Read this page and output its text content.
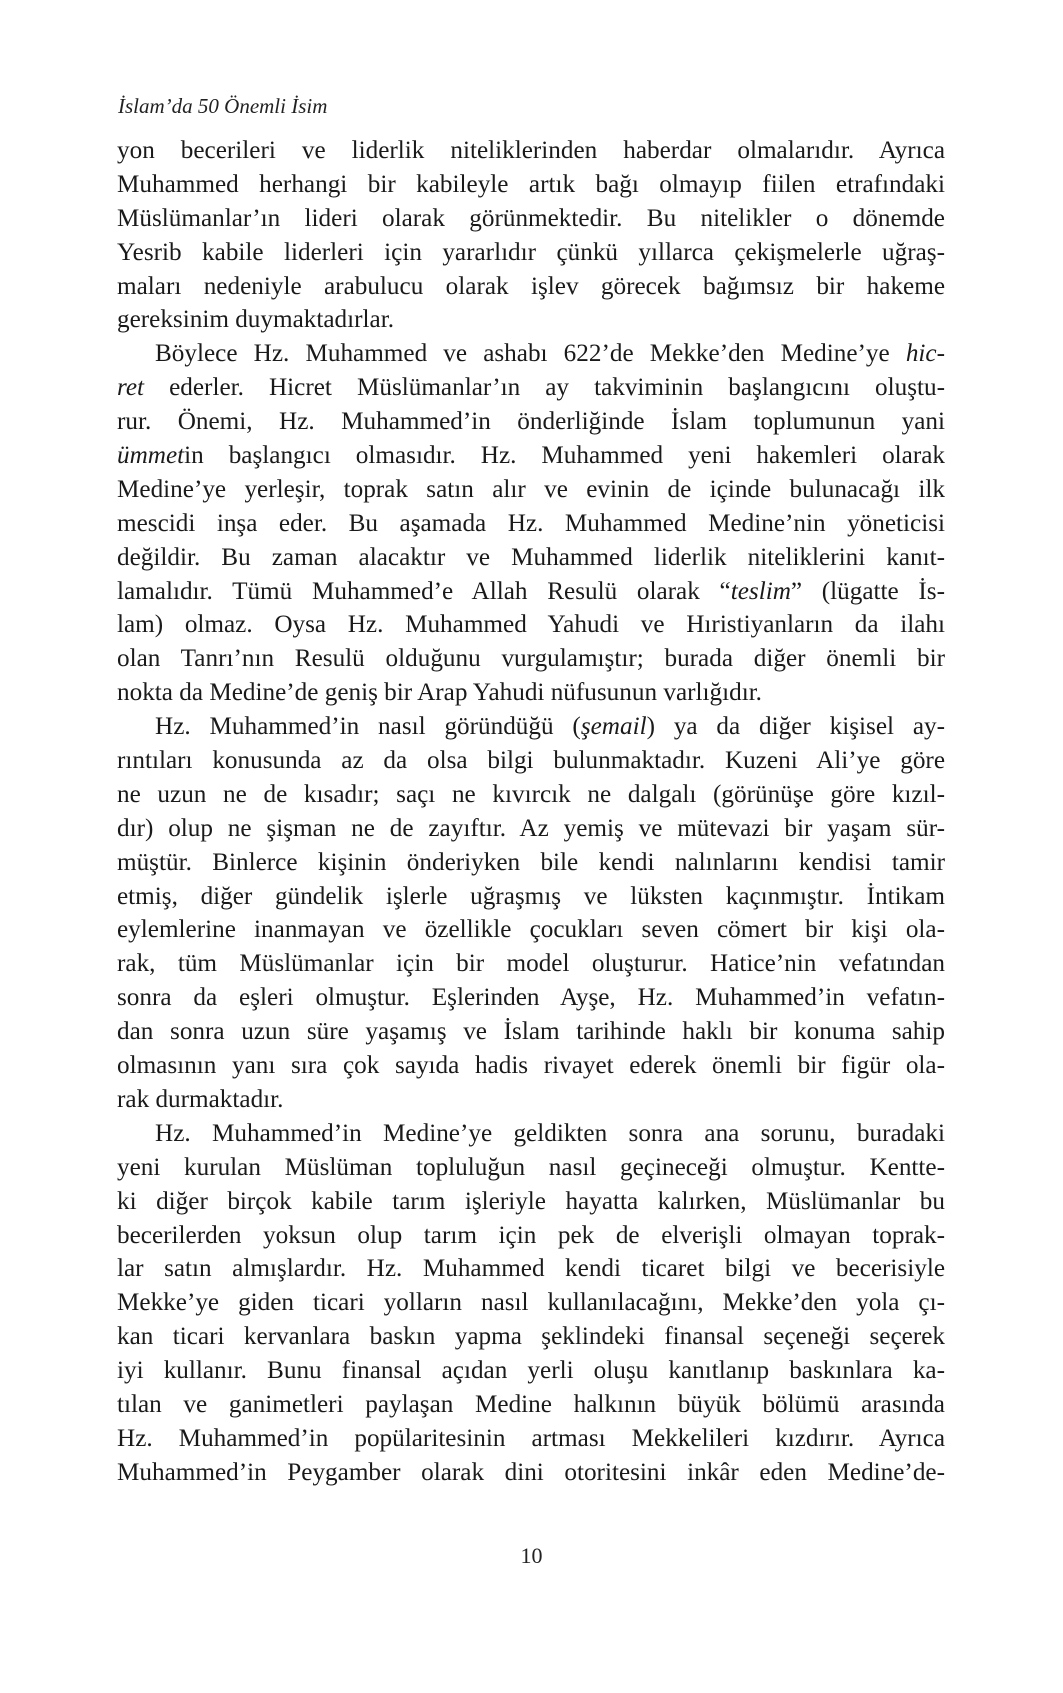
İslam’da 50 Önemli İsim
yon becerileri ve liderlik niteliklerinden haberdar olmalarıdır. Ayrıca
Muhammed herhangi bir kabileyle artık bağı olmayıp fiilen etrafındaki
Müslümanlar’ın lideri olarak görünmektedir. Bu nitelikler o dönemde
Yesrib kabile liderleri için yararlıdır çünkü yıllarca çekişmelerle uğraş-
maları nedeniyle arabulucu olarak işlev görecek bağımsız bir hakeme
gereksinim duymaktadırlar.
Böylece Hz. Muhammed ve ashabı 622’de Mekke’den Medine’ye hic-
ret ederler. Hicret Müslümanlar’ın ay takviminin başlangıcını oluştu-
rur. Önemi, Hz. Muhammed’in önderliğinde İslam toplumunun yani
ümmetin başlangıcı olmasıdır. Hz. Muhammed yeni hakemleri olarak
Medine’ye yerleşir, toprak satın alır ve evinin de içinde bulunacağı ilk
mescidi inşa eder. Bu aşamada Hz. Muhammed Medine’nin yöneticisi
değildir. Bu zaman alacaktır ve Muhammed liderlik niteliklerini kanıt-
lamalıdır. Tümü Muhammed’e Allah Resulü olarak “teslim” (lügatte İs-
lam) olmaz. Oysa Hz. Muhammed Yahudi ve Hıristiyanların da ilahı
olan Tanrı’nın Resulü olduğunu vurgulamıştır; burada diğer önemli bir
nokta da Medine’de geniş bir Arap Yahudi nüfusunun varlığıdır.
Hz. Muhammed’in nasıl göründüğü (şemail) ya da diğer kişisel ay-
rıntıları konusunda az da olsa bilgi bulunmaktadır. Kuzeni Ali’ye göre
ne uzun ne de kısadır; saçı ne kıvırcık ne dalgalı (görünüşe göre kızıl-
dır) olup ne şişman ne de zayıftır. Az yemiş ve mütevazi bir yaşam sür-
müştür. Binlerce kişinin önderiyken bile kendi nalınlarını kendisi tamir
etmiş, diğer gündelik işlerle uğraşmış ve lüksten kaçınmıştır. İntikam
eylemlerine inanmayan ve özellikle çocukları seven cömert bir kişi ola-
rak, tüm Müslümanlar için bir model oluşturur. Hatice’nin vefatından
sonra da eşleri olmuştur. Eşlerinden Ayşe, Hz. Muhammed’in vefatın-
dan sonra uzun süre yaşamış ve İslam tarihinde haklı bir konuma sahip
olmasının yanı sıra çok sayıda hadis rivayet ederek önemli bir figür ola-
rak durmaktadır.
Hz. Muhammed’in Medine’ye geldikten sonra ana sorunu, buradaki
yeni kurulan Müslüman topluluğun nasıl geçineceği olmuştur. Kentte-
ki diğer birçok kabile tarım işleriyle hayatta kalırken, Müslümanlar bu
becerilerden yoksun olup tarım için pek de elverişli olmayan toprak-
lar satın almışlardır. Hz. Muhammed kendi ticaret bilgi ve becerisiyle
Mekke’ye giden ticari yolların nasıl kullanılacağını, Mekke’den yola çı-
kan ticari kervanlara baskın yapma şeklindeki finansal seçeneği seçerek
iyi kullanır. Bunu finansal açıdan yerli oluşu kanıtlanıp baskınlara ka-
tılan ve ganimetleri paylaşan Medine halkının büyük bölümü arasında
Hz. Muhammed’in popülaritesinin artması Mekkelileri kızdırır. Ayrıca
Muhammed’in Peygamber olarak dini otoritesini inkâr eden Medine’de-
10
